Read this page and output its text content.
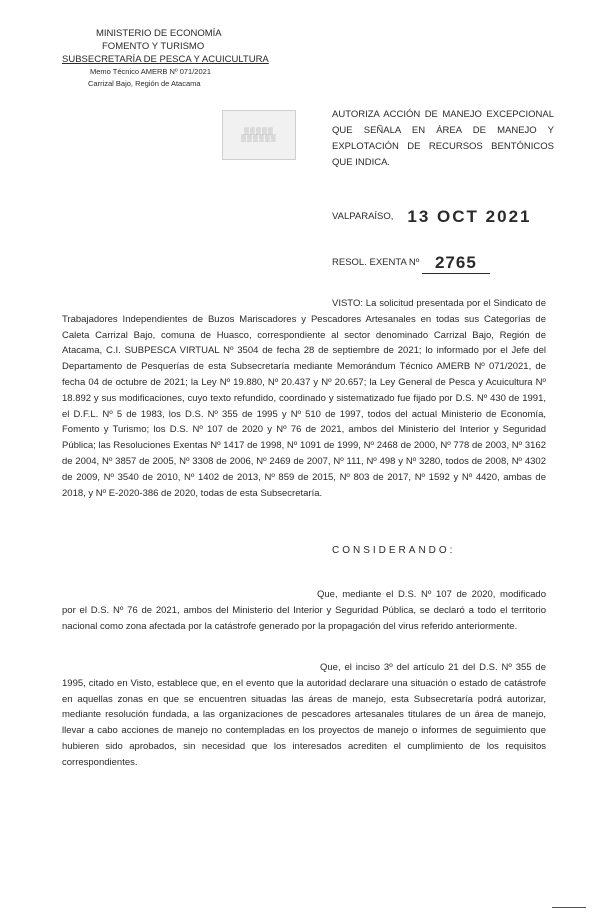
MINISTERIO DE ECONOMÍA
FOMENTO Y TURISMO
SUBSECRETARÍA DE PESCA Y ACUICULTURA
Memo Técnico AMERB Nº 071/2021
Carrizal Bajo, Región de Atacama
▒▒▒▒▒
▒▒▒▒▒▒
AUTORIZA ACCIÓN DE MANEJO EXCEPCIONAL QUE SEÑALA EN ÁREA DE MANEJO Y EXPLOTACIÓN DE RECURSOS BENTÓNICOS QUE INDICA.
VALPARAÍSO, 13 OCT 2021
RESOL. EXENTA Nº 2765
VISTO: La solicitud presentada por el Sindicato de Trabajadores Independientes de Buzos Mariscadores y Pescadores Artesanales en todas sus Categorías de Caleta Carrizal Bajo, comuna de Huasco, correspondiente al sector denominado Carrizal Bajo, Región de Atacama, C.I. SUBPESCA VIRTUAL Nº 3504 de fecha 28 de septiembre de 2021; lo informado por el Jefe del Departamento de Pesquerías de esta Subsecretaría mediante Memorándum Técnico AMERB Nº 071/2021, de fecha 04 de octubre de 2021; la Ley Nº 19.880, Nº 20.437 y Nº 20.657; la Ley General de Pesca y Acuicultura Nº 18.892 y sus modificaciones, cuyo texto refundido, coordinado y sistematizado fue fijado por D.S. Nº 430 de 1991, el D.F.L. Nº 5 de 1983, los D.S. Nº 355 de 1995 y Nº 510 de 1997, todos del actual Ministerio de Economía, Fomento y Turismo; los D.S. Nº 107 de 2020 y Nº 76 de 2021, ambos del Ministerio del Interior y Seguridad Pública; las Resoluciones Exentas Nº 1417 de 1998, Nº 1091 de 1999, Nº 2468 de 2000, Nº 778 de 2003, Nº 3162 de 2004, Nº 3857 de 2005, Nº 3308 de 2006, Nº 2469 de 2007, Nº 111, Nº 498 y Nº 3280, todos de 2008, Nº 4302 de 2009, Nº 3540 de 2010, Nº 1402 de 2013, Nº 859 de 2015, Nº 803 de 2017, Nº 1592 y Nº 4420, ambas de 2018, y Nº E-2020-386 de 2020, todas de esta Subsecretaría.
CONSIDERANDO:
Que, mediante el D.S. Nº 107 de 2020, modificado por el D.S. Nº 76 de 2021, ambos del Ministerio del Interior y Seguridad Pública, se declaró a todo el territorio nacional como zona afectada por la catástrofe generado por la propagación del virus referido anteriormente.
Que, el inciso 3º del artículo 21 del D.S. Nº 355 de 1995, citado en Visto, establece que, en el evento que la autoridad declarare una situación o estado de catástrofe en aquellas zonas en que se encuentren situadas las áreas de manejo, esta Subsecretaría podrá autorizar, mediante resolución fundada, a las organizaciones de pescadores artesanales titulares de un área de manejo, llevar a cabo acciones de manejo no contempladas en los proyectos de manejo o informes de seguimiento que hubieren sido aprobados, sin necesidad que los interesados acrediten el cumplimiento de los requisitos correspondientes.
